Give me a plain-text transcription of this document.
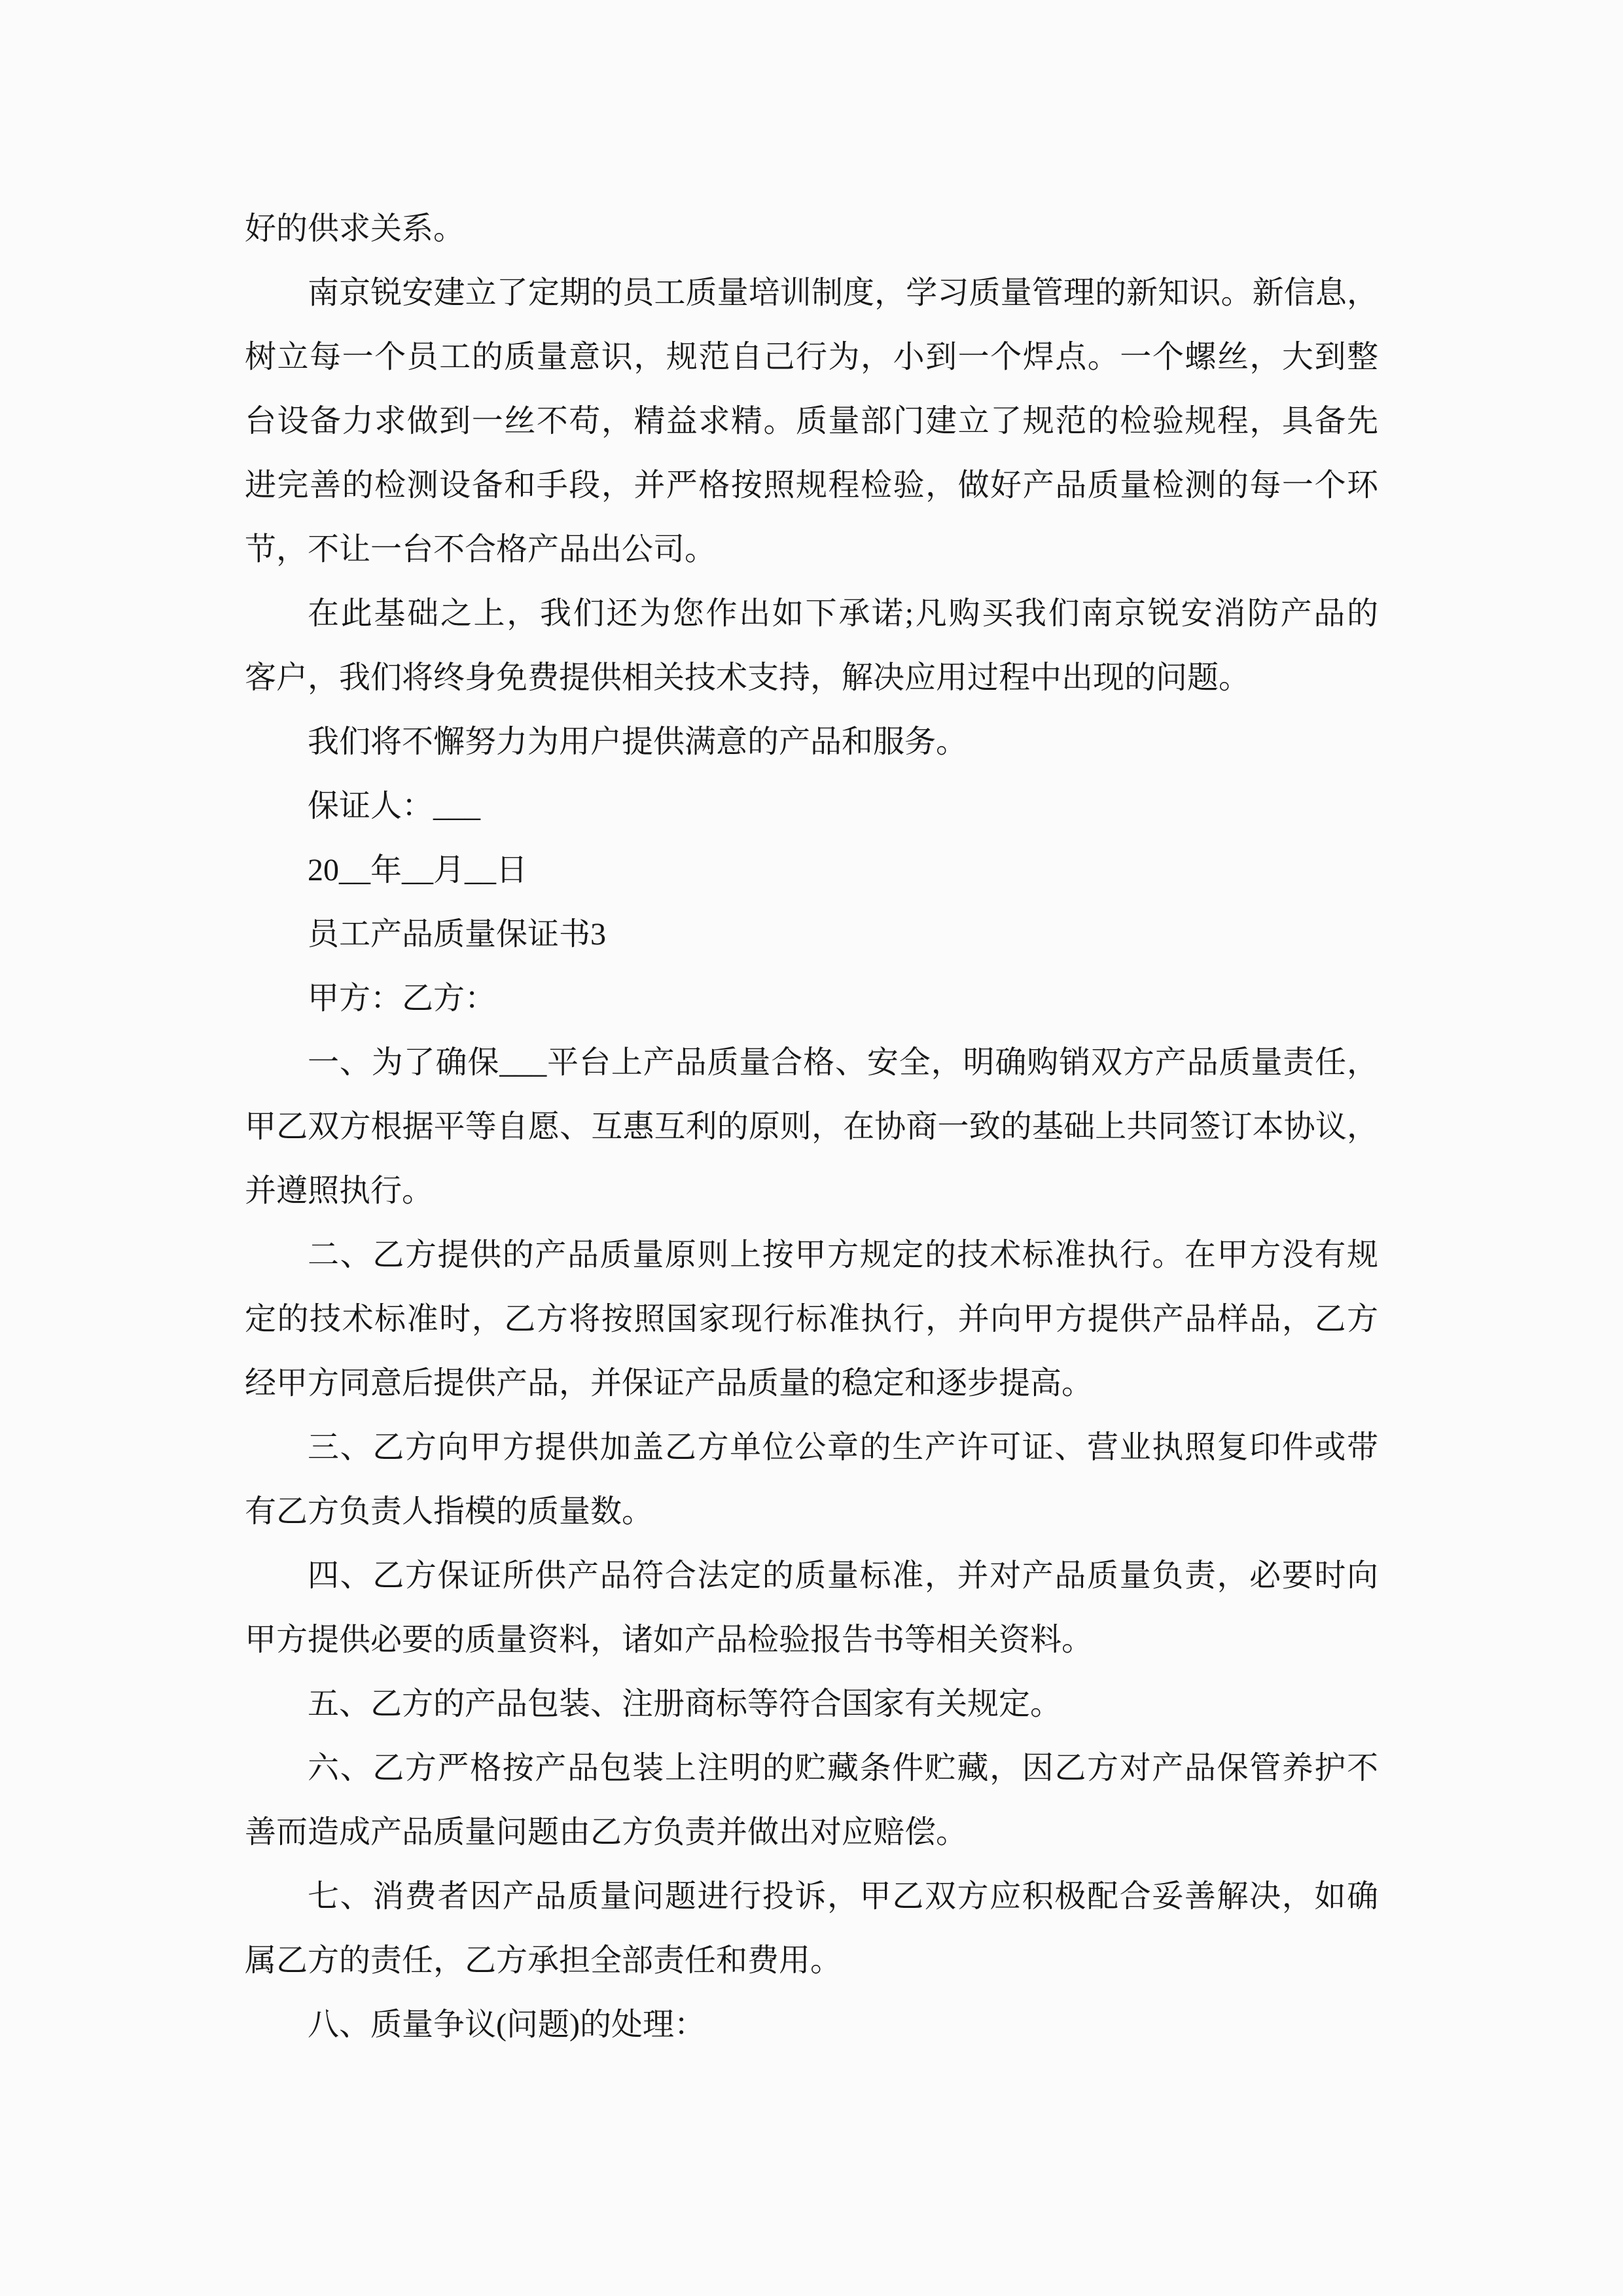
好的供求关系。
南京锐安建立了定期的员工质量培训制度，学习质量管理的新知识。新信息，
树立每一个员工的质量意识，规范自己行为，小到一个焊点。一个螺丝，大到整
台设备力求做到一丝不苟，精益求精。质量部门建立了规范的检验规程，具备先
进完善的检测设备和手段，并严格按照规程检验，做好产品质量检测的每一个环
节，不让一台不合格产品出公司。
在此基础之上，我们还为您作出如下承诺;凡购买我们南京锐安消防产品的
客户，我们将终身免费提供相关技术支持，解决应用过程中出现的问题。
我们将不懈努力为用户提供满意的产品和服务。
保证人：___
20__年__月__日
员工产品质量保证书3
甲方：乙方：
一、为了确保___平台上产品质量合格、安全，明确购销双方产品质量责任，
甲乙双方根据平等自愿、互惠互利的原则，在协商一致的基础上共同签订本协议，
并遵照执行。
二、乙方提供的产品质量原则上按甲方规定的技术标准执行。在甲方没有规
定的技术标准时，乙方将按照国家现行标准执行，并向甲方提供产品样品，乙方
经甲方同意后提供产品，并保证产品质量的稳定和逐步提高。
三、乙方向甲方提供加盖乙方单位公章的生产许可证、营业执照复印件或带
有乙方负责人指模的质量数。
四、乙方保证所供产品符合法定的质量标准，并对产品质量负责，必要时向
甲方提供必要的质量资料，诸如产品检验报告书等相关资料。
五、乙方的产品包装、注册商标等符合国家有关规定。
六、乙方严格按产品包装上注明的贮藏条件贮藏，因乙方对产品保管养护不
善而造成产品质量问题由乙方负责并做出对应赔偿。
七、消费者因产品质量问题进行投诉，甲乙双方应积极配合妥善解决，如确
属乙方的责任，乙方承担全部责任和费用。
八、质量争议(问题)的处理：
